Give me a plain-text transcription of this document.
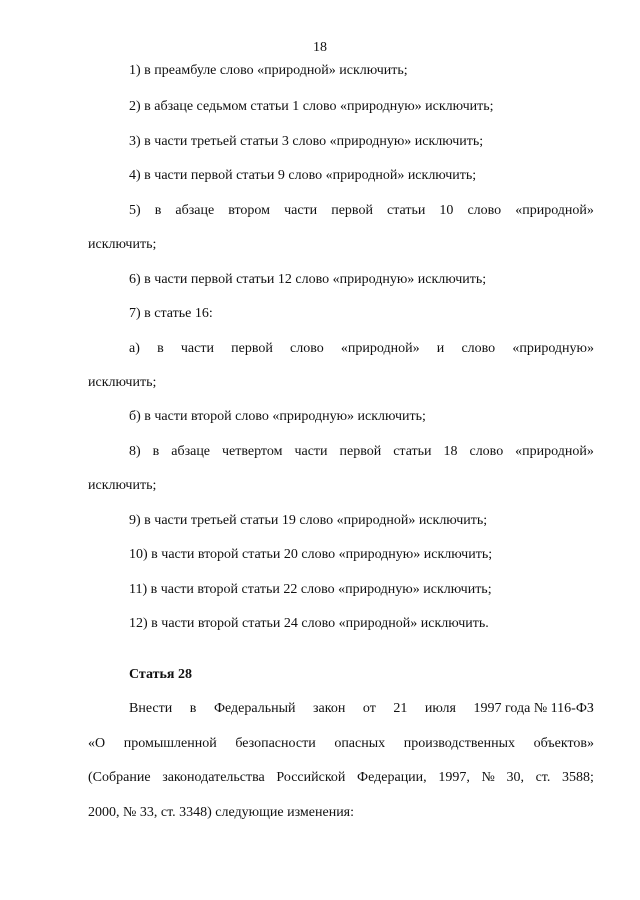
18
1) в преамбуле слово «природной» исключить;
2) в абзаце седьмом статьи 1 слово «природную» исключить;
3) в части третьей статьи 3 слово «природную» исключить;
4) в части первой статьи 9 слово «природной» исключить;
5) в абзаце втором части первой статьи 10 слово «природной»
исключить;
6) в части первой статьи 12 слово «природную» исключить;
7) в статье 16:
а) в части первой слово «природной» и слово «природную»
исключить;
б) в части второй слово «природную» исключить;
8) в абзаце четвертом части первой статьи 18 слово «природной»
исключить;
9) в части третьей статьи 19 слово «природной» исключить;
10) в части второй статьи 20 слово «природную» исключить;
11) в части второй статьи 22 слово «природную» исключить;
12) в части второй статьи 24 слово «природной» исключить.
Статья 28
Внести в Федеральный закон от 21 июля 1997 года № 116-ФЗ
«О промышленной безопасности опасных производственных объектов»
(Собрание законодательства Российской Федерации, 1997, № 30, ст. 3588;
2000, № 33, ст. 3348) следующие изменения:
